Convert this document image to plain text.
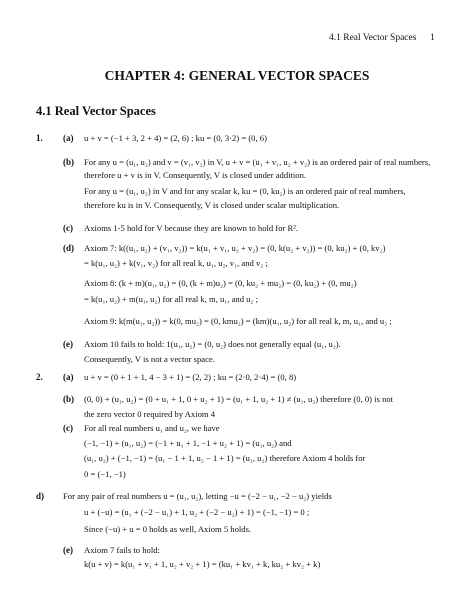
4.1 Real Vector Spaces 1
CHAPTER 4: GENERAL VECTOR SPACES
4.1 Real Vector Spaces
1. (a) u + v = (−1 + 3, 2 + 4) = (2, 6) ; ku = (0, 3·2) = (0, 6)
(b) For any u = (u₁, u₂) and v = (v₁, v₂) in V, u + v = (u₁ + v₁, u₂ + v₂) is an ordered pair of real numbers,
therefore u + v is in V. Consequently, V is closed under addition.
For any u = (u₁, u₂) in V and for any scalar k, ku = (0, ku₂) is an ordered pair of real numbers,
therefore ku is in V. Consequently, V is closed under scalar multiplication.
(c) Axioms 1-5 hold for V because they are known to hold for R².
(d) Axiom 7: k((u₁, u₂) + (v₁, v₂)) = k(u₁ + v₁, u₂ + v₂) = (0, k(u₂ + v₂)) = (0, ku₂) + (0, kv₂)
= k(u₁, u₂) + k(v₁, v₂) for all real k, u₁, u₂, v₁, and v₂ ;
Axiom 8: (k + m)(u₁, u₂) = (0, (k + m)u₂) = (0, ku₂ + mu₂) = (0, ku₂) + (0, mu₂)
= k(u₁, u₂) + m(u₁, u₂) for all real k, m, u₁, and u₂ ;
Axiom 9: k(m(u₁, u₂)) = k(0, mu₂) = (0, kmu₂) = (km)(u₁, u₂) for all real k, m, u₁, and u₂ ;
(e) Axiom 10 fails to hold: 1(u₁, u₂) = (0, u₂) does not generally equal (u₁, u₂).
Consequently, V is not a vector space.
2. (a) u + v = (0 + 1 + 1, 4 − 3 + 1) = (2, 2) ; ku = (2·0, 2·4) = (0, 8)
(b) (0, 0) + (u₁, u₂) = (0 + u₁ + 1, 0 + u₂ + 1) = (u₁ + 1, u₂ + 1) ≠ (u₁, u₂) therefore (0, 0) is not
the zero vector 0 required by Axiom 4
(c) For all real numbers u₁ and u₂, we have
(−1, −1) + (u₁, u₂) = (−1 + u₁ + 1, −1 + u₂ + 1) = (u₁, u₂) and
(u₁, u₂) + (−1, −1) = (u₁ − 1 + 1, u₂ − 1 + 1) = (u₁, u₂) therefore Axiom 4 holds for
0 = (−1, −1)
d) For any pair of real numbers u = (u₁, u₂), letting −u = (−2 − u₁, −2 − u₂) yields
u + (−u) = (u₁ + (−2 − u₁) + 1, u₂ + (−2 − u₂) + 1) = (−1, −1) = 0 ;
Since (−u) + u = 0 holds as well, Axiom 5 holds.
(e) Axiom 7 fails to hold:
k(u + v) = k(u₁ + v₁ + 1, u₂ + v₂ + 1) = (ku₁ + kv₁ + k, ku₂ + kv₂ + k)
